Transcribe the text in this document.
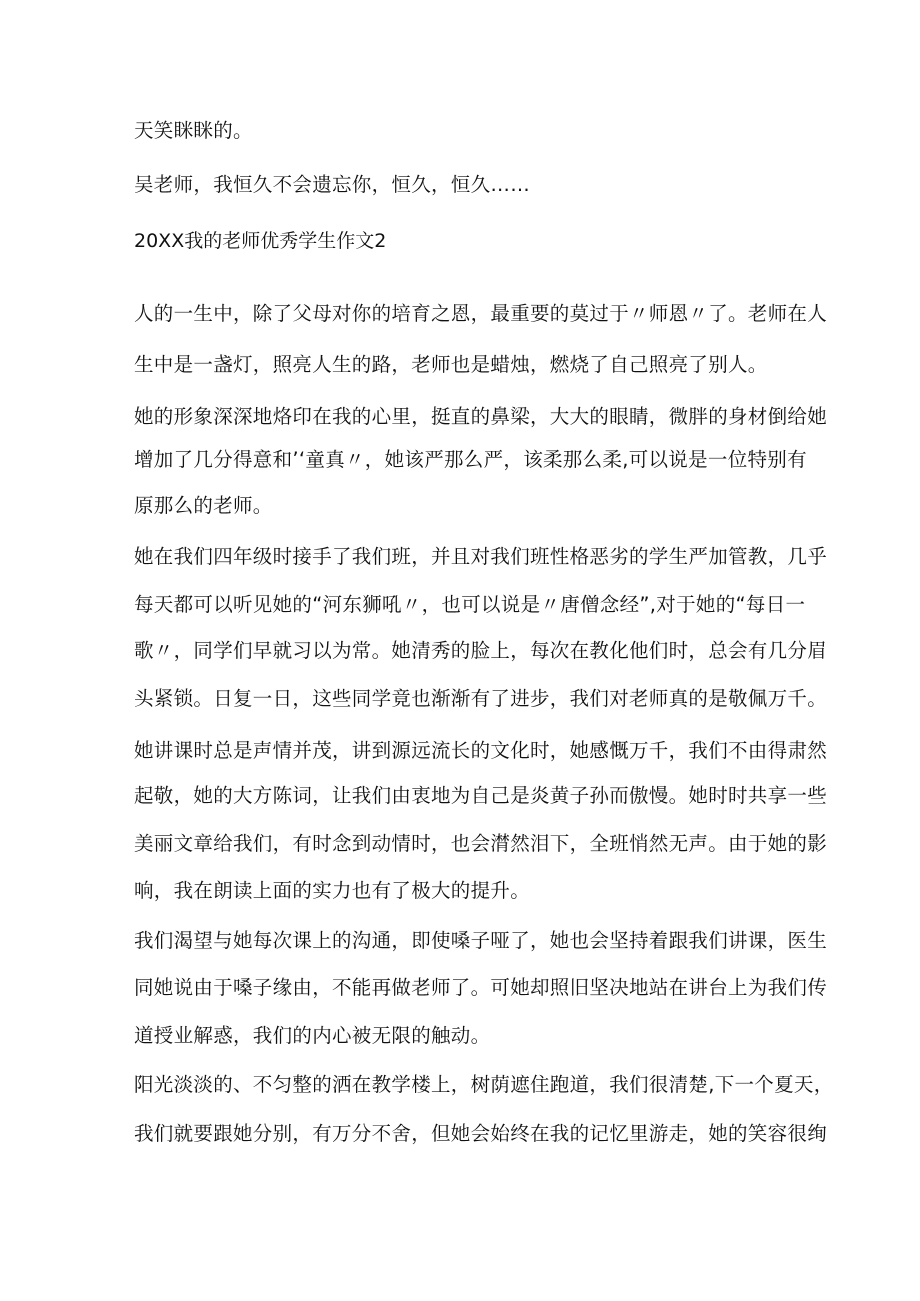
天笑眯眯的。
吴老师，我恒久不会遗忘你，恒久，恒久……
20XX我的老师优秀学生作文2
人的一生中，除了父母对你的培育之恩，最重要的莫过于〃师恩〃了。老师在人
生中是一盏灯，照亮人生的路，老师也是蜡烛，燃烧了自己照亮了别人。
她的形象深深地烙印在我的心里，挺直的鼻梁，大大的眼睛，微胖的身材倒给她
增加了几分得意和’‘童真〃，她该严那么严，该柔那么柔,可以说是一位特别有
原那么的老师。
她在我们四年级时接手了我们班，并且对我们班性格恶劣的学生严加管教，几乎
每天都可以听见她的“河东狮吼〃，也可以说是〃唐僧念经”,对于她的“每日一
歌〃，同学们早就习以为常。她清秀的脸上，每次在教化他们时，总会有几分眉
头紧锁。日复一日，这些同学竟也渐渐有了进步，我们对老师真的是敬佩万千。
她讲课时总是声情并茂，讲到源远流长的文化时，她感慨万千，我们不由得肃然
起敬，她的大方陈词，让我们由衷地为自己是炎黄子孙而傲慢。她时时共享一些
美丽文章给我们，有时念到动情时，也会潸然泪下，全班悄然无声。由于她的影
响，我在朗读上面的实力也有了极大的提升。
我们渴望与她每次课上的沟通，即使嗓子哑了，她也会坚持着跟我们讲课，医生
同她说由于嗓子缘由，不能再做老师了。可她却照旧坚决地站在讲台上为我们传
道授业解惑，我们的内心被无限的触动。
阳光淡淡的、不匀整的洒在教学楼上，树荫遮住跑道，我们很清楚,下一个夏天，
我们就要跟她分别，有万分不舍，但她会始终在我的记忆里游走，她的笑容很绚
